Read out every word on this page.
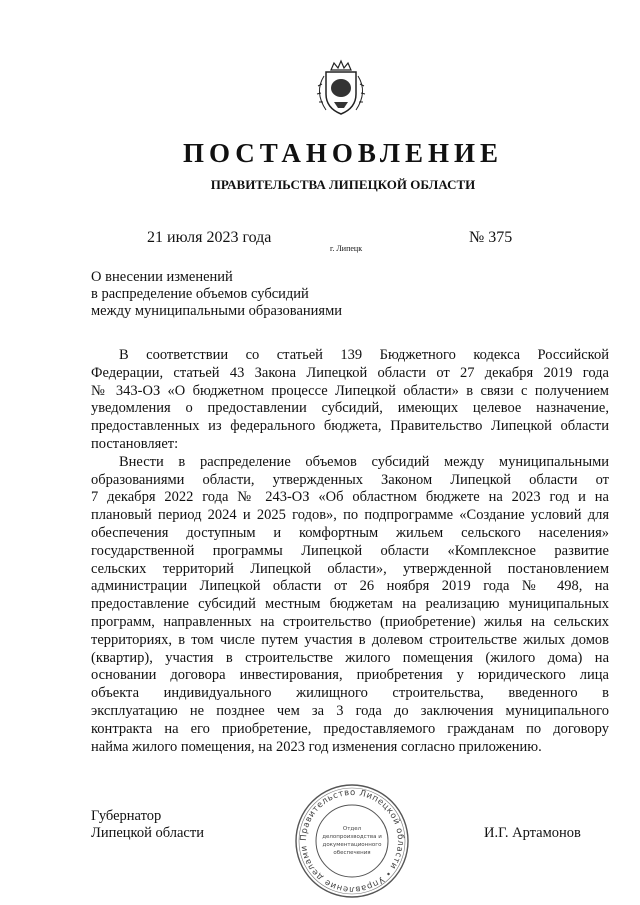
ПОСТАНОВЛЕНИЕ
ПРАВИТЕЛЬСТВА ЛИПЕЦКОЙ ОБЛАСТИ
21 июля 2023 года
г. Липецк
№ 375
О внесении изменений
в распределение объемов субсидий
между муниципальными образованиями

В соответствии со статьей 139 Бюджетного кодекса Российской

Федерации, статьей 43 Закона Липецкой области от 27 декабря 2019 года

№ 343-ОЗ «О бюджетном процессе Липецкой области» в связи с получением

уведомления о предоставлении субсидий, имеющих целевое назначение,

предоставленных из федерального бюджета, Правительство Липецкой области

постановляет:

Внести в распределение объемов субсидий между муниципальными

образованиями области, утвержденных Законом Липецкой области от

7 декабря 2022 года № 243-ОЗ «Об областном бюджете на 2023 год и на

плановый период 2024 и 2025 годов», по подпрограмме «Создание условий для

обеспечения доступным и комфортным жильем сельского населения»

государственной программы Липецкой области «Комплексное развитие

сельских территорий Липецкой области», утвержденной постановлением

администрации Липецкой области от 26 ноября 2019 года № 498, на

предоставление субсидий местным бюджетам на реализацию муниципальных

программ, направленных на строительство (приобретение) жилья на сельских

территориях, в том числе путем участия в долевом строительстве жилых домов

(квартир), участия в строительстве жилого помещения (жилого дома) на

основании договора инвестирования, приобретения у юридического лица

объекта индивидуального жилищного строительства, введенного в

эксплуатацию не позднее чем за 3 года до заключения муниципального

контракта на его приобретение, предоставляемого гражданам по договору

найма жилого помещения, на 2023 год изменения согласно приложению.

Губернатор
Липецкой области	И.Г. Артамонов
Правительство Липецкой области • Управление делами
Отдел
делопроизводства и
документационного
обеспечения
